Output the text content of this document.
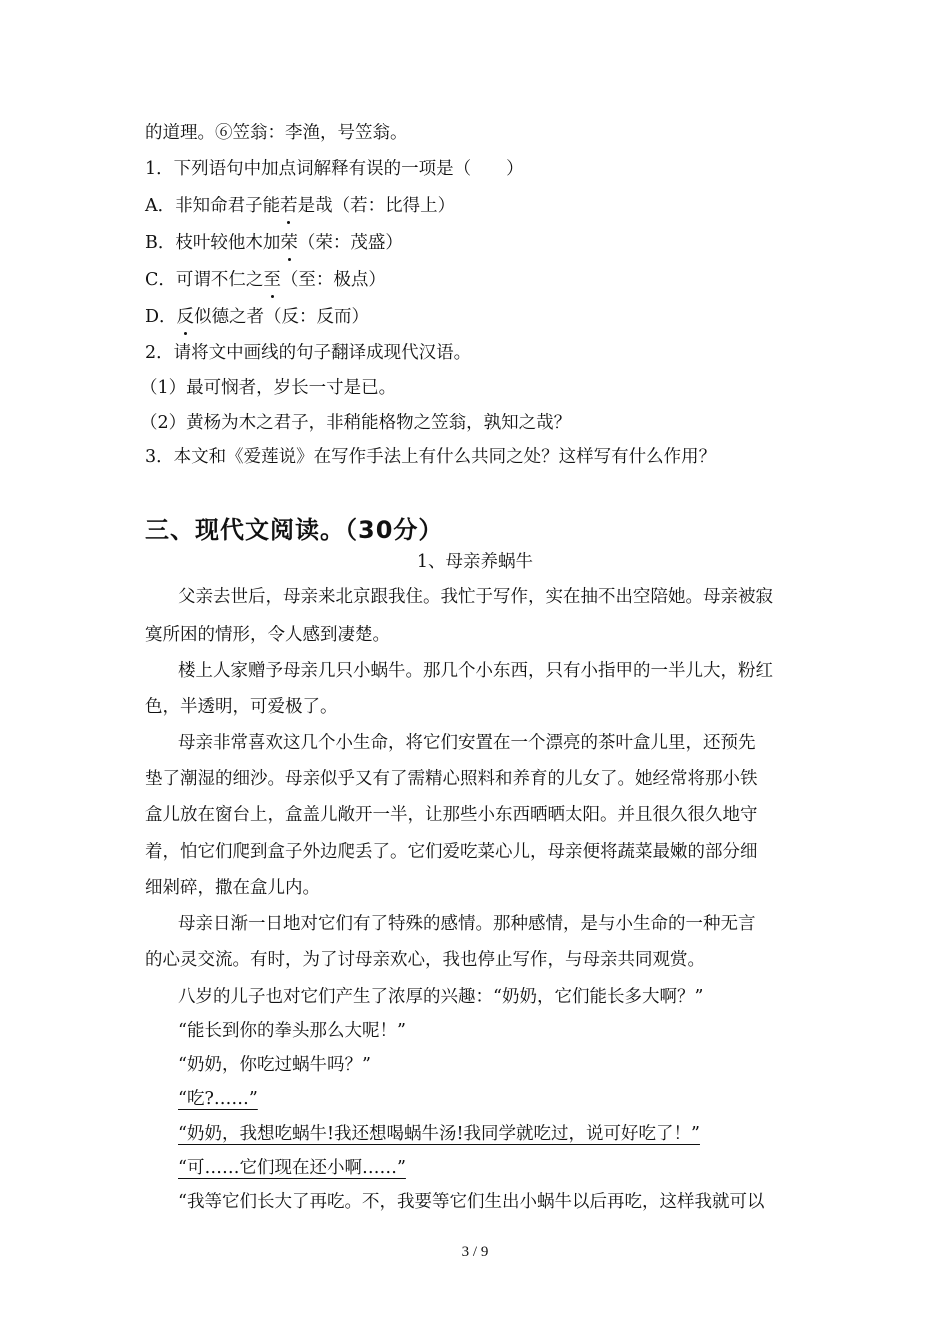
的道理。⑥笠翁：李渔，号笠翁。
1．下列语句中加点词解释有误的一项是（　　）
A．非知命君子能若是哉（若：比得上）
B．枝叶较他木加荣（荣：茂盛）
C．可谓不仁之至（至：极点）
D．反似德之者（反：反而）
2．请将文中画线的句子翻译成现代汉语。
（1）最可悯者，岁长一寸是已。
（2）黄杨为木之君子，非稍能格物之笠翁，孰知之哉？
3．本文和《爱莲说》在写作手法上有什么共同之处？这样写有什么作用？
三、现代文阅读。（30分）
1、母亲养蜗牛
父亲去世后，母亲来北京跟我住。我忙于写作，实在抽不出空陪她。母亲被寂
寞所困的情形，令人感到凄楚。
楼上人家赠予母亲几只小蜗牛。那几个小东西，只有小指甲的一半儿大，粉红
色，半透明，可爱极了。
母亲非常喜欢这几个小生命，将它们安置在一个漂亮的茶叶盒儿里，还预先
垫了潮湿的细沙。母亲似乎又有了需精心照料和养育的儿女了。她经常将那小铁
盒儿放在窗台上，盒盖儿敞开一半，让那些小东西晒晒太阳。并且很久很久地守
着，怕它们爬到盒子外边爬丢了。它们爱吃菜心儿，母亲便将蔬菜最嫩的部分细
细剁碎，撒在盒儿内。
母亲日渐一日地对它们有了特殊的感情。那种感情，是与小生命的一种无言
的心灵交流。有时，为了讨母亲欢心，我也停止写作，与母亲共同观赏。
八岁的儿子也对它们产生了浓厚的兴趣：“奶奶，它们能长多大啊？”
“能长到你的拳头那么大呢！”
“奶奶，你吃过蜗牛吗？”
“吃?……”
“奶奶，我想吃蜗牛!我还想喝蜗牛汤!我同学就吃过，说可好吃了！”
“可……它们现在还小啊……”
“我等它们长大了再吃。不，我要等它们生出小蜗牛以后再吃，这样我就可以
3 / 9
